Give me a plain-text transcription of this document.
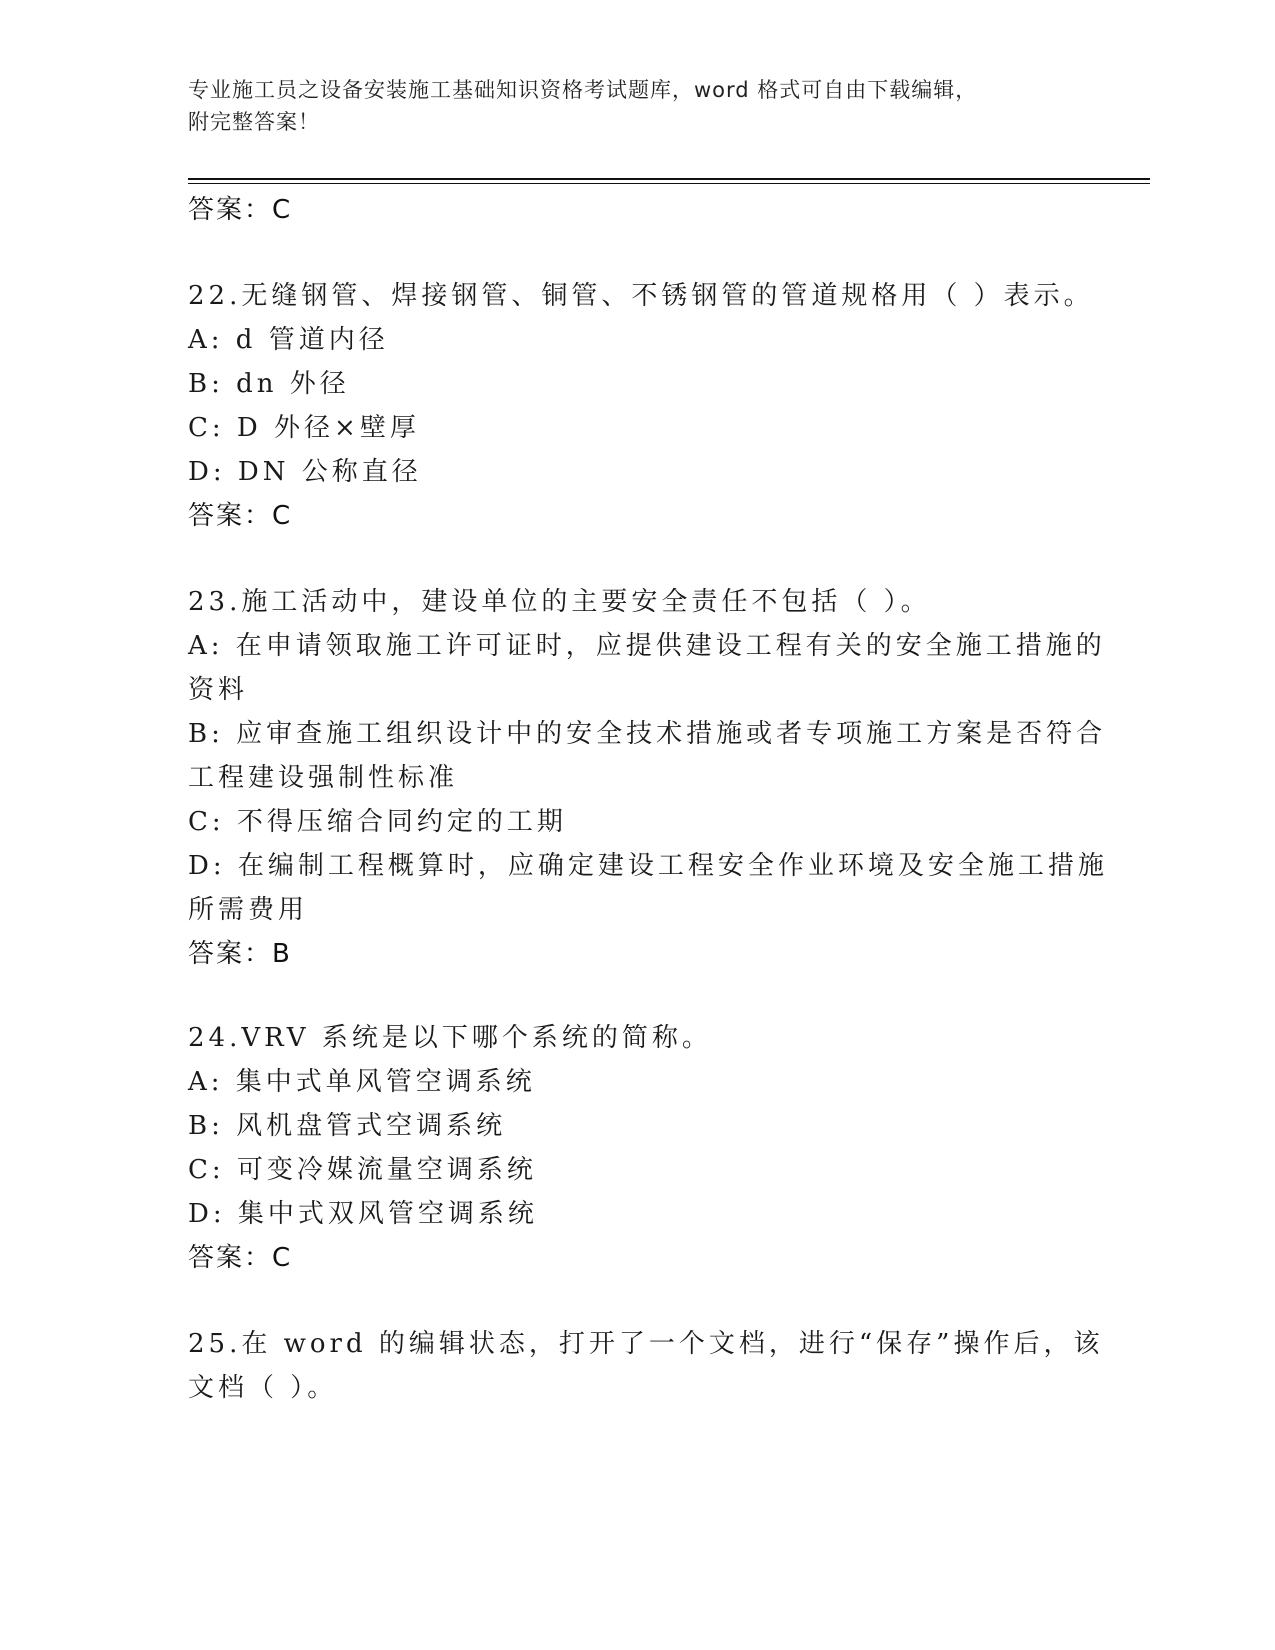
专业施工员之设备安装施工基础知识资格考试题库，word 格式可自由下载编辑，
附完整答案！
答案：C
22.无缝钢管、焊接钢管、铜管、不锈钢管的管道规格用（ ）表示。
A: d 管道内径
B: dn 外径
C: D 外径×壁厚
D: DN 公称直径
答案：C
23.施工活动中，建设单位的主要安全责任不包括（ ）。
A: 在申请领取施工许可证时，应提供建设工程有关的安全施工措施的
资料
B: 应审查施工组织设计中的安全技术措施或者专项施工方案是否符合
工程建设强制性标准
C: 不得压缩合同约定的工期
D: 在编制工程概算时，应确定建设工程安全作业环境及安全施工措施
所需费用
答案：B
24.VRV 系统是以下哪个系统的简称。
A: 集中式单风管空调系统
B: 风机盘管式空调系统
C: 可变冷媒流量空调系统
D: 集中式双风管空调系统
答案：C
25.在 word 的编辑状态，打开了一个文档，进行“保存”操作后，该
文档（ ）。
